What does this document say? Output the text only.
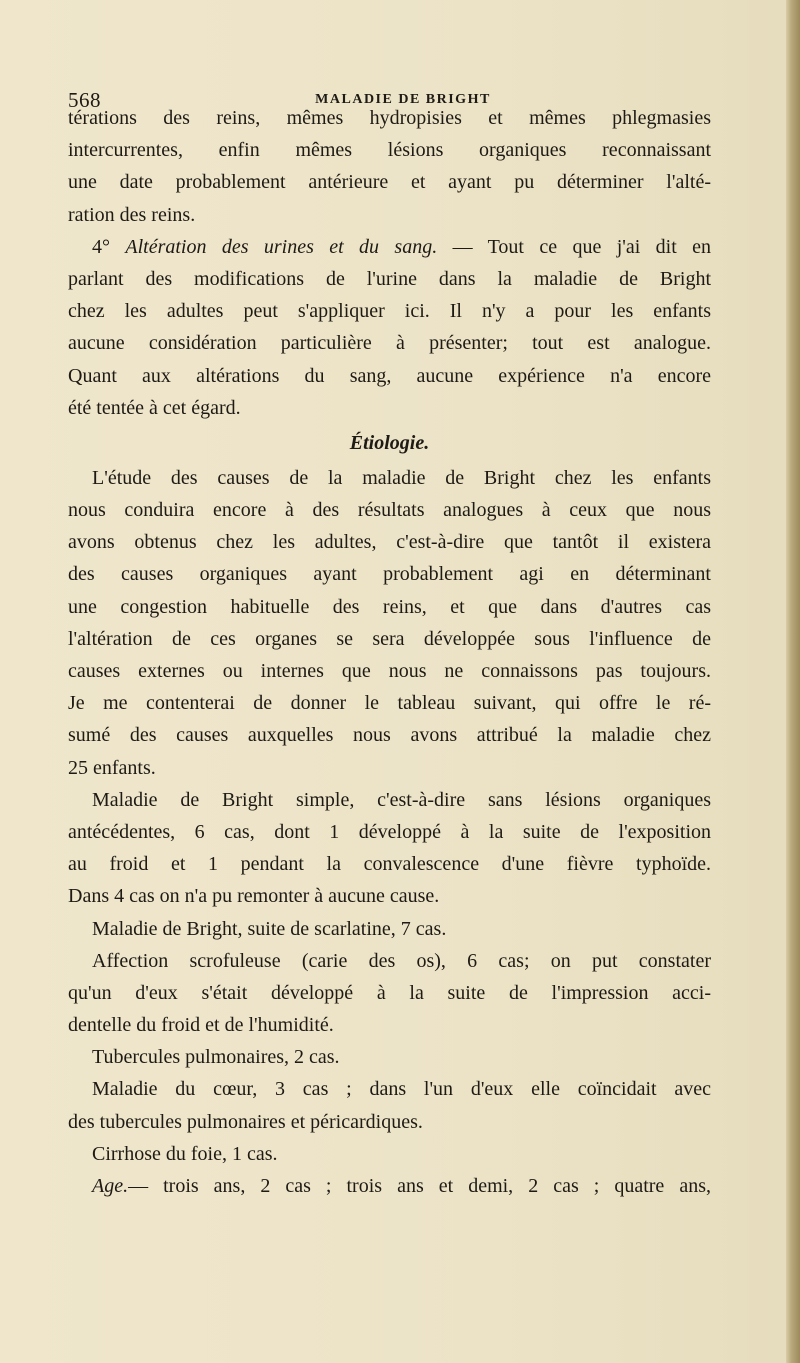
568	MALADIE DE BRIGHT
térations des reins, mêmes hydropisies et mêmes phlegmasies
intercurrentes, enfin mêmes lésions organiques reconnaissant
une date probablement antérieure et ayant pu déterminer l'alté-
ration des reins.
4° Altération des urines et du sang. — Tout ce que j'ai dit en
parlant des modifications de l'urine dans la maladie de Bright
chez les adultes peut s'appliquer ici. Il n'y a pour les enfants
aucune considération particulière à présenter; tout est analogue.
Quant aux altérations du sang, aucune expérience n'a encore
été tentée à cet égard.
Étiologie.
L'étude des causes de la maladie de Bright chez les enfants
nous conduira encore à des résultats analogues à ceux que nous
avons obtenus chez les adultes, c'est-à-dire que tantôt il existera
des causes organiques ayant probablement agi en déterminant
une congestion habituelle des reins, et que dans d'autres cas
l'altération de ces organes se sera développée sous l'influence de
causes externes ou internes que nous ne connaissons pas toujours.
Je me contenterai de donner le tableau suivant, qui offre le ré-
sumé des causes auxquelles nous avons attribué la maladie chez
25 enfants.
Maladie de Bright simple, c'est-à-dire sans lésions organiques
antécédentes, 6 cas, dont 1 développé à la suite de l'exposition
au froid et 1 pendant la convalescence d'une fièvre typhoïde.
Dans 4 cas on n'a pu remonter à aucune cause.
Maladie de Bright, suite de scarlatine, 7 cas.
Affection scrofuleuse (carie des os), 6 cas; on put constater
qu'un d'eux s'était développé à la suite de l'impression acci-
dentelle du froid et de l'humidité.
Tubercules pulmonaires, 2 cas.
Maladie du cœur, 3 cas ; dans l'un d'eux elle coïncidait avec
des tubercules pulmonaires et péricardiques.
Cirrhose du foie, 1 cas.
Age.— trois ans, 2 cas ; trois ans et demi, 2 cas ; quatre ans,
